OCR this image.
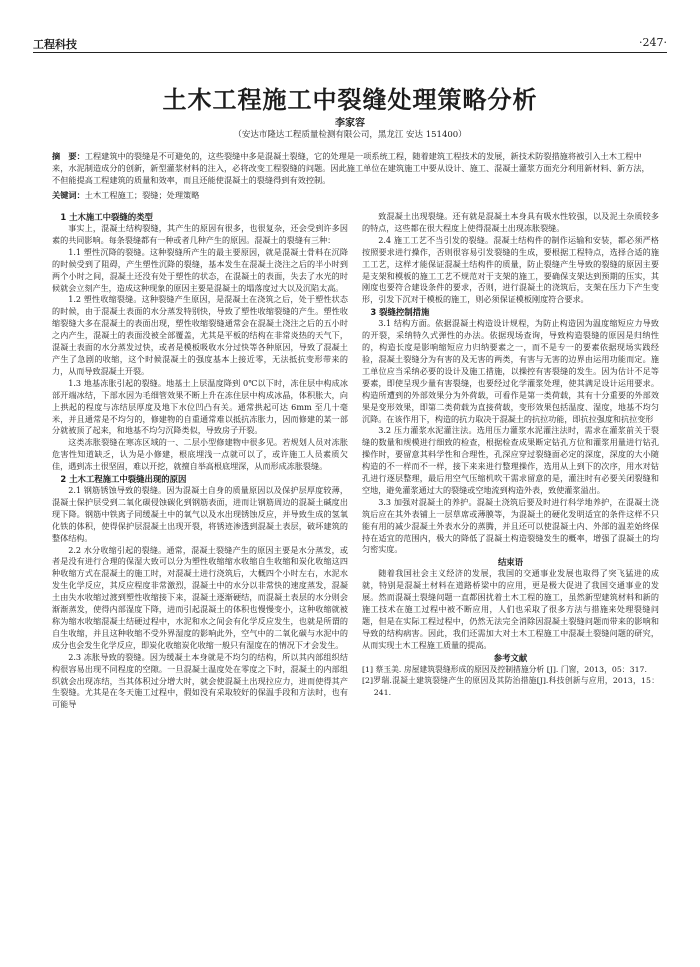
工程科技	·247·
土木工程施工中裂缝处理策略分析
李家容
（安达市隆达工程质量检测有限公司，黑龙江 安达 151400）
摘　要：工程建筑中的裂缝是不可避免的，这些裂缝中多是混凝土裂缝，它的处理是一项系统工程，随着建筑工程技术的发展，新技术防裂措施将被引入土木工程中来，水泥制造成分的创新，新型灌浆材料的注入，必将改变工程裂缝的问题。因此施工单位在建筑施工中要从设计、施工、混凝土灌浆方面充分利用新材料、新方法，不但能提高工程建筑的质量和效率，而且还能使混凝土的裂缝得到有效控制。
关键词：土木工程施工；裂缝；处理策略
1 土木施工中裂缝的类型

事实上，混凝土结构裂缝，其产生的原因有很多，也很复杂，还会受到许多因素的共同影响。每条裂缝都有一种或者几种产生的原因。混凝土的裂缝有三种：

1.1 塑性沉降的裂缝。这种裂缝所产生的最主要原因，就是混凝土骨料在沉降的时候受到了阻碍，产生塑性沉降的裂缝，基本发生在混凝土浇注之后的半小时到两个小时之间，混凝土还没有处于塑性的状态，在混凝土的表面，失去了水光的时候就会立刻产生，造成这种现象的原因主要是混凝土的塌落度过大以及沉陷太高。

1.2 塑性收缩裂缝。这种裂缝产生原因，是混凝土在浇筑之后，处于塑性状态的时候，由于混凝土表面的水分蒸发特别快，导致了塑性收缩裂缝的产生。塑性收缩裂缝大多在混凝土的表面出现，塑性收缩裂缝通常会在混凝土浇注之后的五小时之内产生，混凝土的表面没被全部覆盖，尤其是平板的结构在非常炎热的天气下，混凝土表面的水分蒸发过快，或者是模板吸收水分过快等各种原因，导致了混凝土产生了急剧的收缩，这个时候混凝土的强度基本上接近零，无法抵抗变形带来的力，从而导致混凝土开裂。

1.3 地基冻胀引起的裂缝。地基土上层温度降到 0℃以下时，冻住层中构成冰部开端冰结，下部水因为毛细管效果不断上升在冻住层中构成冰晶，体积胀大，向上拱起的程度与冻结层厚度及地下水位凹凸有关。通常拱起可达 6mm 至几十毫米，并且通常是不均匀的，修建物的自重通常难以抵抗冻胀力，因而修建的某一部分就被顶了起来，和地基不均匀沉降类似，导致房子开裂。

这类冻胀裂缝在寒冻区域的一、二层小型修建物中很多见。若规划人员对冻胀危害性知道缺乏，认为是小修建，根底埋浅一点就可以了，或许施工人员素质欠佳，遇到冻土很坚固，难以开挖，就擅自举高根底埋深，从而形成冻胀裂缝。

2 土木工程施工中裂缝出现的原因

2.1 钢筋锈蚀导致的裂缝。因为混凝土自身的质量原因以及保护层厚度较薄，混凝土保护层受到二氧化碳侵蚀碳化到钢筋表面，进而让钢筋周边的混凝土碱度出现下降。钢筋中铁离子同缓凝土中的氧气以及水出现锈蚀反应，并导致生成的氢氧化铁的体积，使得保护层混凝土出现开裂，将锈迹渗透到混凝土表层，破坏建筑的整体结构。

2.2 水分收缩引起的裂缝。通常，混凝土裂缝产生的原因主要是水分蒸发，或者是没有进行合理的保湿大致可以分为塑性收缩缩水收缩自生收缩和炭化收缩这四种收缩方式在混凝土的施工时，对混凝土进行浇筑后，大概四个小时左右，水泥水发生化学反应，其反应程度非常激烈，混凝土中的水分以非常快的速度蒸发，混凝土由失水收缩过渡到塑性收缩接下来，混凝土逐渐硬结，而混凝土表层的水分则会渐渐蒸发，使得内部湿度下降，进而引起混凝土的体积也慢慢变小，这种收缩就被称为缩水收缩混凝土结硬过程中，水泥和水之间会有化学反应发生，也就是所谓的自生收缩，并且这种收缩不受外界湿度的影响此外，空气中的二氧化碳与水泥中的成分也会发生化学反应，即炭化收缩炭化收缩一般只有湿度在的情况下才会发生。

2.3 冻胀导致的裂缝。因为缓凝土本身就是不均匀的结构，所以其内部组织结构很容易出现不同程度的空隙。一旦混凝土温度处在零度之下时，混凝土的内部组织就会出现冻结，当其体积过分增大时，就会使混凝土出现拉应力，进而使得其产生裂缝。尤其是在冬天施工过程中，假如没有采取较好的保温手段和方法时，也有可能导

致混凝土出现裂缝。还有就是混凝土本身具有吸水性较强，以及泥土杂质较多的特点，这些都在很大程度上使得混凝土出现冻胀裂缝。

2.4 施工工艺不当引发的裂缝。混凝土结构件的制作运输和安装，都必须严格按照要求进行操作，否则很容易引发裂缝的生成，要根据工程特点，选择合适的施工工艺，这样才能保证混凝土结构件的质量，防止裂缝产生导致的裂缝的原因主要是支架和模板的施工工艺不规范对于支架的施工，要确保支架达到预期的压实，其刚度也要符合建设条件的要求，否则，进行混凝土的浇筑后，支架在压力下产生变形，引发下沉对于模板的施工，则必须保证模板刚度符合要求。

3 裂缝控制措施

3.1 结构方面。依据混凝土构造设计规程，为防止构造因为温度缩短应力导致的开裂，采纳特久式弹性的办法。依据现场查询，导致构造裂缝的原因是归纳性的，构造长度是影响缩短应力归纳要素之一，而不是专一的要素依据现场实践经验，混凝土裂缝分为有害的及无害的两类，有害与无害的边界由运用功能而定。施工单位应当采纳必要的设计及施工措施，以操控有害裂缝的发生。因为估计不足等要素，即使呈现少量有害裂缝，也要经过化学灌浆处理，使其满足设计运用要求。构造所遭到的外部效果分为外荷载，可看作是第一类荷载，其有十分重要的外部效果是变形效果，即第二类荷载为直接荷载，变形效果包括温度、湿度，地基不均匀沉降。在该作用下，构造的抗力取决于混凝土的抗拉功能，即抗拉强度和抗拉变形

3.2 压力灌浆水泥灌注法。选用压力灌浆水泥灌注法时，需求在灌浆前关于裂缝的数量和规模进行细致的检查，根据检查成果断定钻孔方位和灌浆用量进行钻孔操作时，要留意其料学性和合理性，孔深应穿过裂缝面必定的深度，深度的大小随构造的不一样而不一样，接下来来进行整理操作，选用从上到下的次序，用水对钻孔进行逐层整理，最后用空气压缩机吹干需求留意的是，灌注时有必要关闭裂缝和空地，避免灌浆通过大的裂缝或空地流到构造外表，致使灌浆溢出。

3.3 加强对混凝土的养护。混凝土浇筑后要及时进行科学地养护，在混凝土浇筑后应在其外表铺上一层草席或薄膜等，为混凝土的硬化发明适宜的条件这样不只能有用的减少混凝土外表水分的蒸腾，并且还可以使混凝土内、外部的温差始终保持在适宜的范围内，极大的降低了混凝土构造裂缝发生的概率，增强了混凝土的均匀密实度。

结束语

随着我国社会主义经济的发展，我国的交通事业发展也取得了突飞猛进的成就，特别是混凝土材料在道路桥梁中的应用，更是极大促进了我国交通事业的发展。然而混凝土裂缝问题一直都困扰着土木工程的施工，虽然新型建筑材料和新的施工技术在施工过程中被不断应用，人们也采取了很多方法与措施来处理裂缝问题，但是在实际工程过程中，仍然无法完全消除因混凝土裂缝问题而带来的影响和导致的结构病害。因此，我们还需加大对土木工程施工中混凝土裂缝问题的研究，从而实现土木工程施工质量的提高。

参考文献

[1] 蔡玉美. 房屋建筑裂缝形成的原因及控制措施分析 [J]. 门窗，2013，05：317.

[2]罗瑞.混凝土建筑裂缝产生的原因及其防治措施[J].科技创新与应用，2013，15：241.
